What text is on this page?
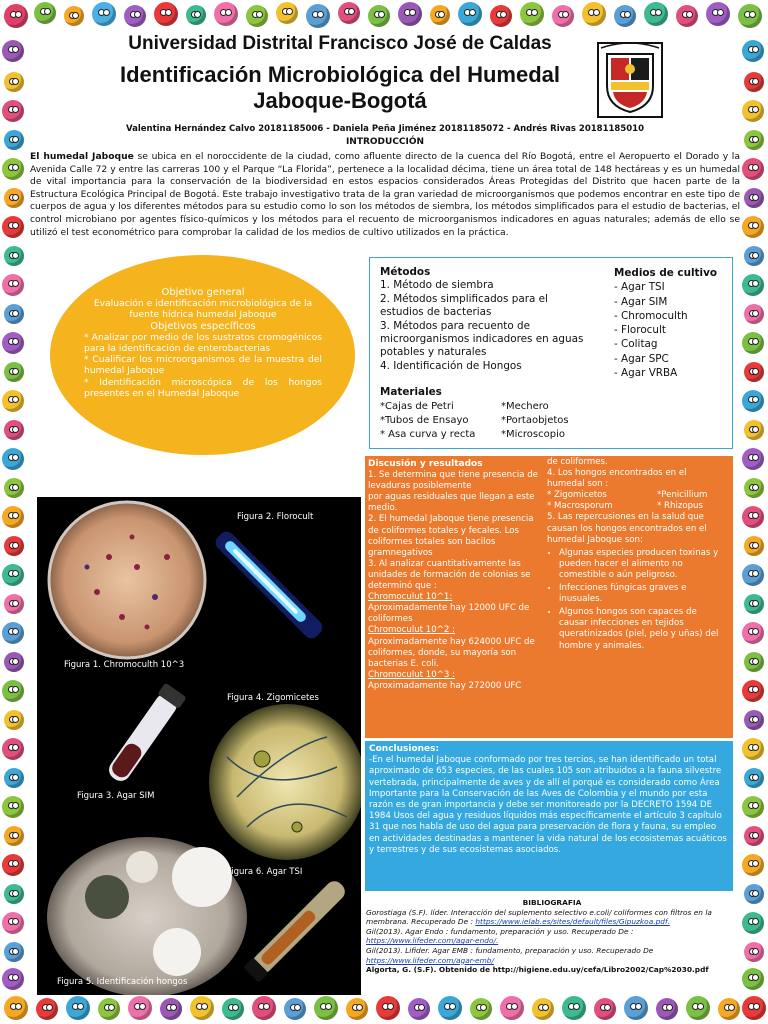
Universidad Distrital Francisco José de Caldas
Identificación Microbiológica del Humedal
Jaboque-Bogotá
Valentina Hernández Calvo 20181185006 - Daniela Peña Jiménez 20181185072 - Andrés Rivas 20181185010
INTRODUCCIÓN
El humedal Jaboque se ubica en el noroccidente de la ciudad, como afluente directo de la cuenca del Río Bogotá, entre el Aeropuerto el Dorado y la Avenida Calle 72 y entre las carreras 100 y el Parque “La Florida”, pertenece a la localidad décima, tiene un área total de 148 hectáreas y es un humedal de vital importancia para la conservación de la biodiversidad en estos espacios considerados Áreas Protegidas del Distrito que hacen parte de la Estructura Ecológica Principal de Bogotá. Este trabajo investigativo trata de la gran variedad de microorganismos que podemos encontrar en este tipo de cuerpos de agua y los diferentes métodos para su estudio como lo son los métodos de siembra, los métodos simplificados para el estudio de bacterias, el control microbiano por agentes físico-químicos y los métodos para el recuento de microorganismos indicadores en aguas naturales; además de ello se utilizó el test econométrico para comprobar la calidad de los medios de cultivo utilizados en la práctica.
Objetivo general
Evaluación e identificación microbiológica de la fuente hídrica humedal Jaboque
Objetivos específicos
* Analizar por medio de los sustratos cromogénicos para la identificación de enterobacterias
* Cualificar los microorganismos de la muestra del humedal Jaboque
* Identificación microscópica de los hongos presentes en el Humedal Jaboque
Métodos
1. Método de siembra
2. Métodos simplificados para el estudios de bacterias
3. Métodos para recuento de microorganismos indicadores en aguas potables y naturales
4. Identificación de Hongos
Medios de cultivo
- Agar TSI
- Agar SIM
- Chromoculth
- Florocult
- Colitag
- Agar SPC
- Agar VRBA
Materiales
*Cajas de Petri
*Tubos de Ensayo
* Asa curva y recta
*Mechero
*Portaobjetos
*Microscopio
Discusión y resultados
1. Se determina que tiene presencia de levaduras posiblemente
por aguas residuales que llegan a este medio.
2. El humedal Jaboque tiene presencia de coliformes totales y fecales. Los coliformes totales son bacilos gramnegativos
3. Al analizar cuantitativamente las unidades de formación de colonias se determinó que :
Chromoculut 10^1:
Aproximadamente hay 12000 UFC de coliformes
Chromoculut 10^2 :
Aproximadamente hay 624000 UFC de coliformes, donde, su mayoría son bacterias E. coli.
Chromoculut 10^3 :
Aproximadamente hay 272000 UFC
de coliformes.
4. Los hongos encontrados en el humedal son :
* Zigomicetos	*Penicillium
* Macrosporum	* Rhizopus
5. Las repercusiones en la salud que causan los hongos encontrados en el humedal Jaboque son:
• Algunas especies producen toxinas y pueden hacer el alimento no comestible o aún peligroso.
• Infecciones fúngicas graves e inusuales.
• Algunos hongos son capaces de causar infecciones en tejidos queratinizados (piel, pelo y uñas) del hombre y animales.
Conclusiones:
-En el humedal Jaboque conformado por tres tercios, se han identificado un total aproximado de 653 especies, de las cuales 105 son atribuidos a la fauna silvestre vertebrada, principalmente de aves y de allí el porqué es considerado como Área Importante para la Conservación de las Aves de Colombia y el mundo por esta razón es de gran importancia y debe ser monitoreado por la DECRETO 1594 DE 1984 Usos del agua y residuos líquidos más específicamente el artículo 3 capítulo 31 que nos habla de uso del agua para preservación de flora y fauna, su empleo en actividades destinadas a mantener la vida natural de los ecosistemas acuáticos y terrestres y de sus ecosistemas asociados.
Figura 2. Florocult
Figura 1. Chromoculth 10^3
Figura 4. Zigomicetes
Figura 3. Agar SIM
Figura 6. Agar TSI
Figura 5. Identificación hongos
BIBLIOGRAFIA
Gorostiaga (S.F). líder. Interacción del suplemento selectivo e.coli/ coliformes con filtros en la membrana. Recuperado De : https://www.ielab.es/sites/default/files/Gipuzkoa.pdf.
Gil(2013). Agar Endo : fundamento, preparación y uso. Recuperado De : https://www.lifeder.com/agar-endo/.
Gil(2013). Lifider. Agar EMB : fundamento, preparación y uso. Recuperado De https://www.lifeder.com/agar-emb/
Algorta, G. (S.F). Obtenido de http://higiene.edu.uy/cefa/Libro2002/Cap%2030.pdf
